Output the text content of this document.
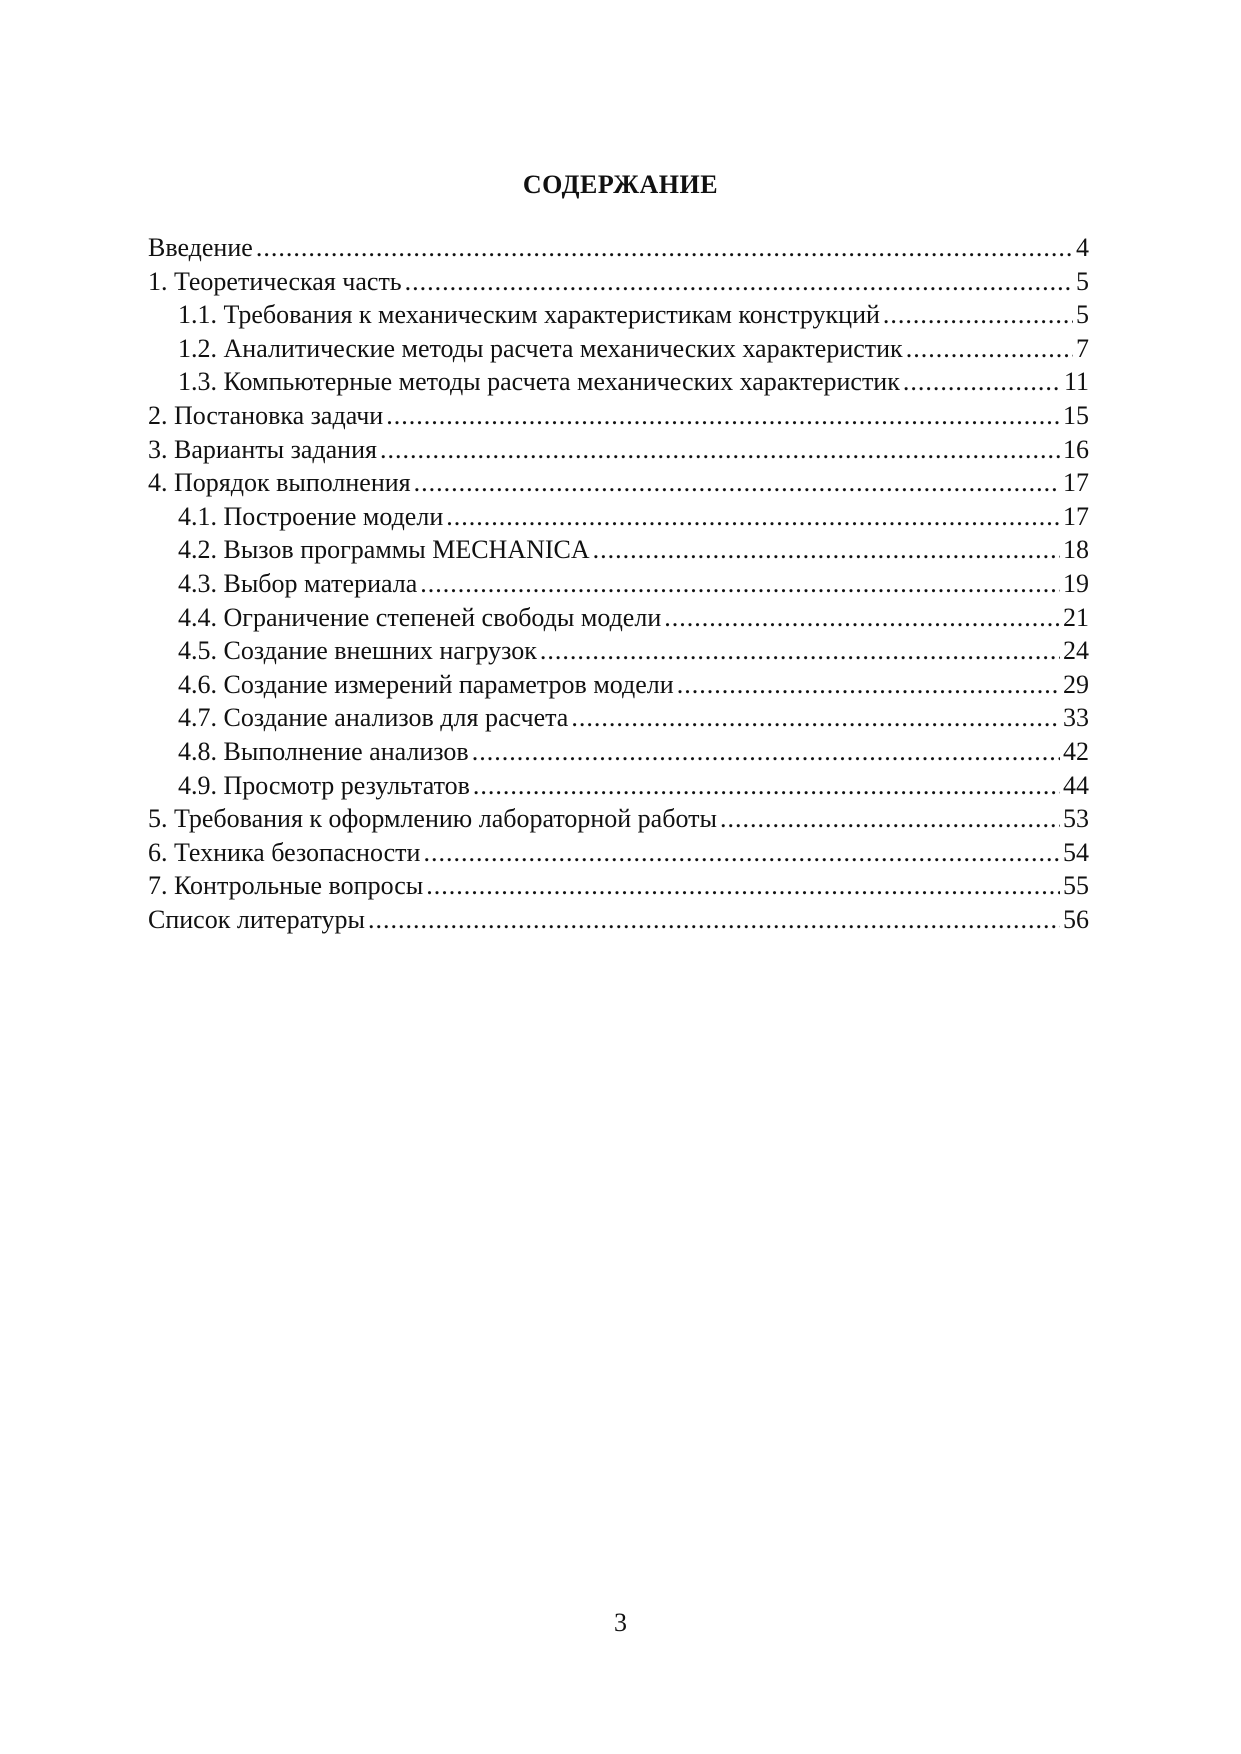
СОДЕРЖАНИЕ
Введение .....	4
1. Теоретическая часть .....	5
1.1. Требования к механическим характеристикам конструкций .....	5
1.2. Аналитические методы расчета механических характеристик .....	7
1.3. Компьютерные методы расчета механических характеристик .....	11
2. Постановка задачи .....	15
3. Варианты задания .....	16
4. Порядок выполнения .....	17
4.1. Построение модели .....	17
4.2. Вызов программы MECHANICA .....	18
4.3. Выбор материала .....	19
4.4. Ограничение степеней свободы модели .....	21
4.5. Создание внешних нагрузок .....	24
4.6. Создание измерений параметров модели .....	29
4.7. Создание анализов для расчета .....	33
4.8. Выполнение анализов .....	42
4.9. Просмотр результатов .....	44
5. Требования к оформлению лабораторной работы .....	53
6. Техника безопасности .....	54
7. Контрольные вопросы .....	55
Список литературы .....	56
3
